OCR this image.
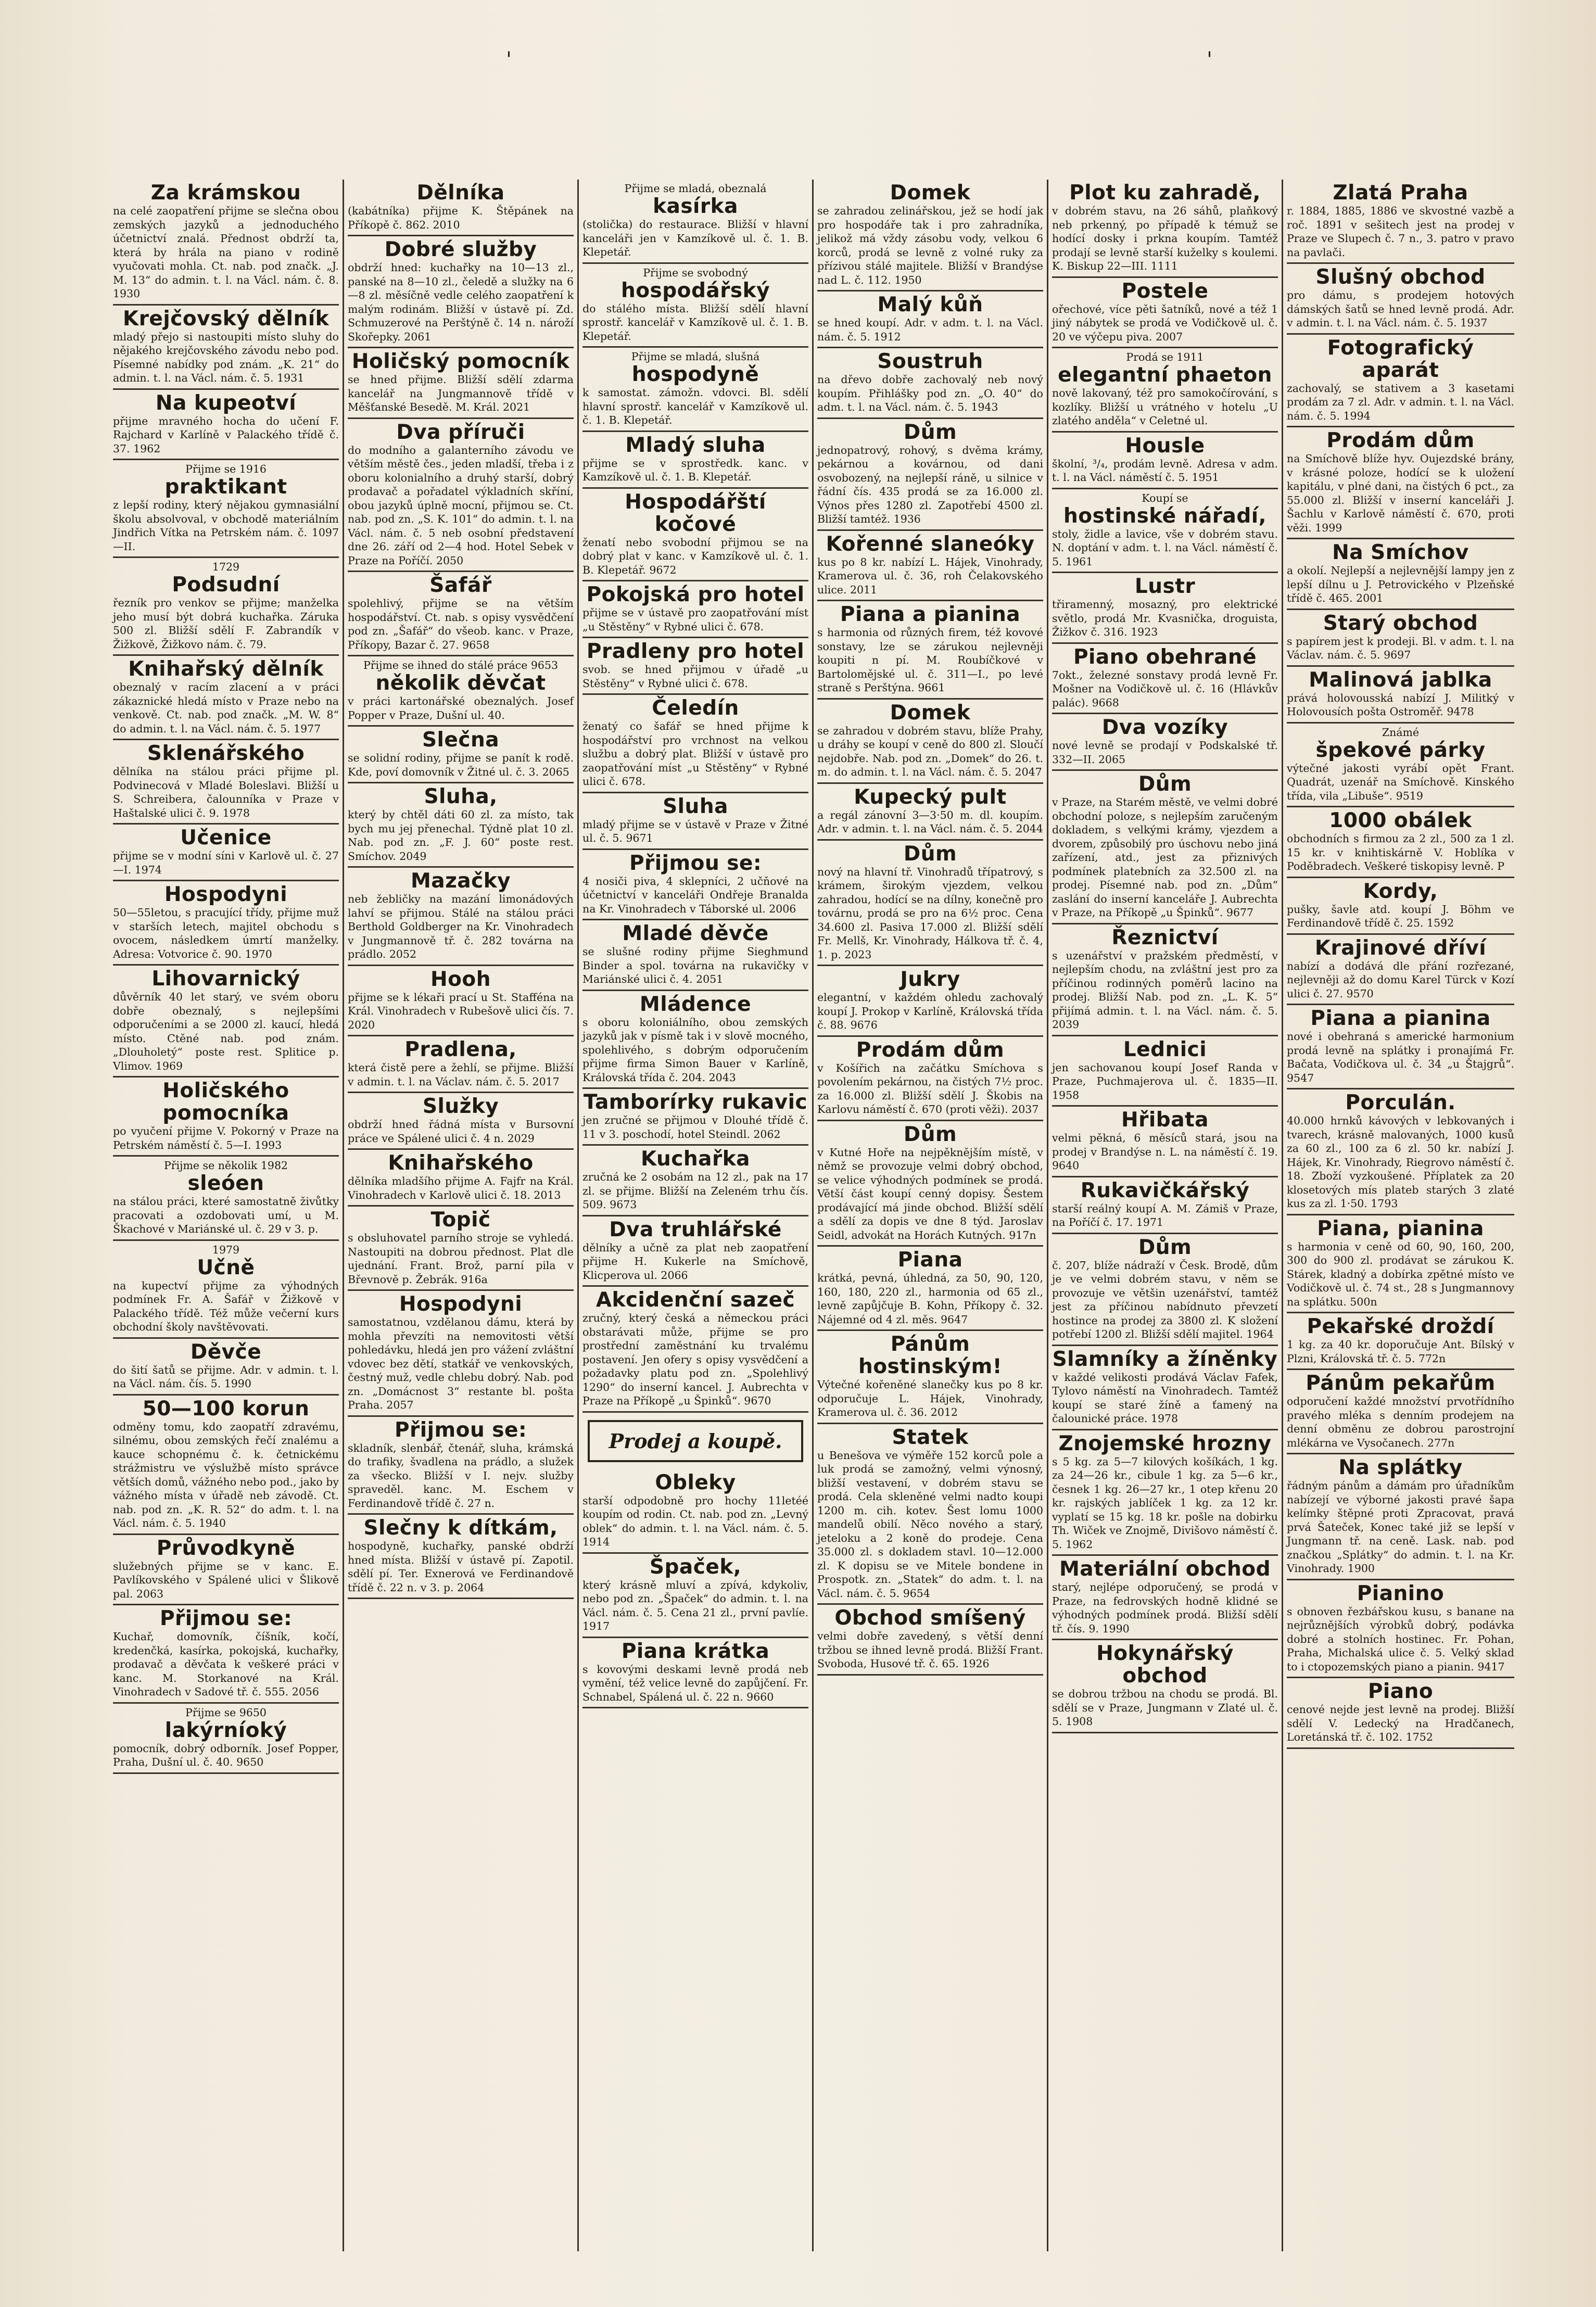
'	'
Za krámskou

na celé zaopatření přijme se slečna obou zemských jazyků a jednoduchého účetnictví znalá. Přednost obdrží ta, která by hrála na piano v rodině vyučovati mohla. Ct. nab. pod značk. „J. M. 13“ do admin. t. l. na Václ. nám. č. 8. 1930

Krejčovský dělník

mladý přejo si nastoupiti místo sluhy do nějakého krejčovského závodu nebo pod. Písemné nabídky pod znám. „K. 21“ do admin. t. l. na Václ. nám. č. 5. 1931

Na kupeotví

přijme mravného hocha do učení F. Rajchard v Karlíně v Palackého třídě č. 37. 1962

Přijme se 1916

praktikant

z lepší rodiny, který nějakou gymnasiální školu absolvoval, v obchodě materiálním Jindřich Vítka na Petrském nám. č. 1097—II.

1729

Podsudní

řezník pro venkov se přijme; manželka jeho musí být dobrá kuchařka. Záruka 500 zl. Bližší sdělí F. Zabrandík v Žižkově, Žižkovo nám. č. 79.

Knihařský dělník

obeznalý v racím zlacení a v práci zákaznické hledá místo v Praze nebo na venkově. Ct. nab. pod značk. „M. W. 8“ do admin. t. l. na Václ. nám. č. 5. 1977

Sklenářského

dělníka na stálou práci přijme pl. Podvinecová v Mladé Boleslavi. Bližší u S. Schreibera, čalounníka v Praze v Haštalské ulici č. 9. 1978

Učenice

přijme se v modní síni v Karlově ul. č. 27—I. 1974

Hospodyni

50—55letou, s pracující třídy, přijme muž v starších letech, majitel obchodu s ovocem, následkem úmrtí manželky. Adresa: Votvorice č. 90. 1970

Lihovarnický

důvěrník 40 let starý, ve svém oboru dobře obeznalý, s nejlepšími odporučeními a se 2000 zl. kaucí, hledá místo. Ctěné nab. pod znám. „Dlouholetý“ poste rest. Splitice p. Vlimov. 1969

Holičského pomocníka

po vyučení přijme V. Pokorný v Praze na Petrském náměstí č. 5—I. 1993

Přijme se několik 1982

sleóen

na stálou práci, které samostatně živůtky pracovati a ozdobovati umí, u M. Škachové v Mariánské ul. č. 29 v 3. p.

1979

Učně

na kupectví přijme za výhodných podmínek Fr. A. Šafář v Žižkově v Palackého třídě. Též může večerní kurs obchodní školy navštěvovati.

Děvče

do šití šatů se přijme. Adr. v admin. t. l. na Václ. nám. čís. 5. 1990

50—100 korun

odměny tomu, kdo zaopatří zdravému, silnému, obou zemských řečí znalému a kauce schopnému č. k. četnickému strážmistru ve výslužbě místo správce větších domů, vážného nebo pod., jako by vážného místa v úřadě neb závodě. Ct. nab. pod zn. „K. R. 52“ do adm. t. l. na Václ. nám. č. 5. 1940

Průvodkyně

služebných přijme se v kanc. E. Pavlíkovského v Spálené ulici v Šlikově pal. 2063

Přijmou se:

Kuchař, domovník, číšník, kočí, kredenčká, kasírka, pokojská, kuchařky, prodavač a děvčata k veškeré práci v kanc. M. Storkanové na Král. Vinohradech v Sadové tř. č. 555. 2056

Přijme se 9650

lakýrníoký

pomocník, dobrý odborník. Josef Popper, Praha, Dušní ul. č. 40. 9650

Dělníka

(kabátníka) přijme K. Štěpánek na Příkopě č. 862. 2010

Dobré služby

obdrží hned: kuchařky na 10—13 zl., panské na 8—10 zl., čeledě a služky na 6—8 zl. měsíčně vedle celého zaopatření k malým rodinám. Bližší v ústavě pí. Zd. Schmuzerové na Perštýně č. 14 n. nároží Skořepky. 2061

Holičský pomocník

se hned přijme. Bližší sdělí zdarma kancelář na Jungmannově třídě v Měšťanské Besedě. M. Král. 2021

Dva příruči

do modního a galanterního závodu ve větším městě čes., jeden mladší, třeba i z oboru kolonialního a druhý starší, dobrý prodavač a pořadatel výkladních skříní, obou jazyků úplně mocní, přijmou se. Ct. nab. pod zn. „S. K. 101“ do admin. t. l. na Václ. nám. č. 5 neb osobní představení dne 26. září od 2—4 hod. Hotel Sebek v Praze na Poříčí. 2050

Šafář

spolehlivý, přijme se na větším hospodářství. Ct. nab. s opisy vysvědčení pod zn. „Šafář“ do všeob. kanc. v Praze, Příkopy, Bazar č. 27. 9658

Přijme se ihned do stálé práce 9653

několik děvčat

v práci kartonářské obeznalých. Josef Popper v Praze, Dušní ul. 40.

Slečna

se solidní rodiny, přijme se panít k rodě. Kde, poví domovník v Žitné ul. č. 3. 2065

Sluha,

který by chtěl dáti 60 zl. za místo, tak bych mu jej přenechal. Týdně plat 10 zl. Nab. pod zn. „F. J. 60“ poste rest. Smíchov. 2049

Mazačky

neb žebličky na mazání limonádových lahví se přijmou. Stálé na stálou práci Berthold Goldberger na Kr. Vinohradech v Jungmannově tř. č. 282 továrna na prádlo. 2052

Hooh

přijme se k lékaři prací u St. Stafféna na Král. Vinohradech v Rubešově ulici čís. 7. 2020

Pradlena,

která čistě pere a žehlí, se přijme. Bližší v admin. t. l. na Václav. nám. č. 5. 2017

Služky

obdrží hned řádná místa v Bursovní práce ve Spálené ulici č. 4 n. 2029

Knihařského

dělníka mladšího přijme A. Fajfr na Král. Vinohradech v Karlově ulici č. 18. 2013

Topič

s obsluhovatel parního stroje se vyhledá. Nastoupiti na dobrou přednost. Plat dle ujednání. Frant. Brož, parní pila v Břevnově p. Žebrák. 916a

Hospodyni

samostatnou, vzdělanou dámu, která by mohla převzíti na nemovitosti větší pohledávku, hledá jen pro vážení zvláštní vdovec bez dětí, statkář ve venkovských, čestný muž, vedle chlebu dobrý. Nab. pod zn. „Domácnost 3“ restante bl. pošta Praha. 2057

Přijmou se:

skladník, slenbář, čtenář, sluha, krámská do trafiky, švadlena na prádlo, a služek za všecko. Bližší v I. nejv. služby spraveděl. kanc. M. Eschem v Ferdinandově třídě č. 27 n.

Slečny k dítkám,

hospodyně, kuchařky, panské obdrží hned místa. Bližší v ústavě pí. Zapotil. sdělí pí. Ter. Exnerová ve Ferdinandově třídě č. 22 n. v 3. p. 2064

Přijme se mladá, obeznalá

kasírka

(stolička) do restaurace. Bližší v hlavní kanceláři jen v Kamzíkově ul. č. 1. B. Klepetář.

Přijme se svobodný

hospodářský

do stálého místa. Bližší sdělí hlavní sprostř. kancelář v Kamzíkově ul. č. 1. B. Klepetář.

Přijme se mladá, slušná

hospodyně

k samostat. zámožn. vdovci. Bl. sdělí hlavní sprostř. kancelář v Kamzíkově ul. č. 1. B. Klepetář.

Mladý sluha

přijme se v sprostředk. kanc. v Kamzíkově ul. č. 1. B. Klepetář.

Hospodářští kočové

ženatí nebo svobodní přijmou se na dobrý plat v kanc. v Kamzíkově ul. č. 1. B. Klepetář. 9672

Pokojská pro hotel

přijme se v ústavě pro zaopatřování míst „u Stěstěny“ v Rybné ulici č. 678.

Pradleny pro hotel

svob. se hned přijmou v úřadě „u Stěstěny“ v Rybné ulici č. 678.

Čeledín

ženatý co šafář se hned přijme k hospodářství pro vrchnost na velkou službu a dobrý plat. Bližší v ústavě pro zaopatřování míst „u Stěstěny“ v Rybné ulici č. 678.

Sluha

mladý přijme se v ústavě v Praze v Žitné ul. č. 5. 9671

Přijmou se:

4 nosiči piva, 4 sklepníci, 2 učňové na účetnictví v kanceláři Ondřeje Branalda na Kr. Vinohradech v Táborské ul. 2006

Mladé děvče

se slušné rodiny přijme Sieghmund Binder a spol. továrna na rukavičky v Mariánské ulici č. 4. 2051

Mládence

s oboru koloniálního, obou zemských jazyků jak v písmě tak i v slově mocného, spolehlivého, s dobrým odporučením přijme firma Simon Bauer v Karlíně, Královská třída č. 204. 2043

Tamborírky rukavic

jen zručné se přijmou v Dlouhé třídě č. 11 v 3. poschodí, hotel Steindl. 2062

Kuchařka

zručná ke 2 osobám na 12 zl., pak na 17 zl. se přijme. Bližší na Zeleném trhu čís. 509. 9673

Dva truhlářské

dělníky a učně za plat neb zaopatření přijme H. Kukerle na Smíchově, Klicperova ul. 2066

Akcidenční sazeč

zručný, který česká a německou práci obstarávati může, přijme se pro prostřední zaměstnání ku trvalému postavení. Jen ofery s opisy vysvědčení a požadavky platu pod zn. „Spolehlivý 1290“ do inserní kancel. J. Aubrechta v Praze na Příkopě „u Špinků“. 9670

Prodej a koupě.
Obleky

starší odpodobně pro hochy 11letéé koupím od rodin. Ct. nab. pod zn. „Levný oblek“ do admin. t. l. na Václ. nám. č. 5. 1914

Špaček,

který krásně mluví a zpívá, kdykoliv, nebo pod zn. „Špaček“ do admin. t. l. na Václ. nám. č. 5. Cena 21 zl., první pavlíe. 1917

Piana krátka

s kovovými deskami levně prodá neb vymění, též velice levně do zapůjčení. Fr. Schnabel, Spálená ul. č. 22 n. 9660

Domek

se zahradou zelinářskou, jež se hodí jak pro hospodáře tak i pro zahradníka, jelikož má vždy zásobu vody, velkou 6 korců, prodá se levně z volné ruky za přízivou stálé majitele. Bližší v Brandýse nad L. č. 112. 1950

Malý kůň

se hned koupí. Adr. v adm. t. l. na Václ. nám. č. 5. 1912

Soustruh

na dřevo dobře zachovalý neb nový koupím. Přihlášky pod zn. „O. 40“ do adm. t. l. na Václ. nám. č. 5. 1943

Dům

jednopatrový, rohový, s dvěma krámy, pekárnou a kovárnou, od dani osvobozený, na nejlepší ráně, u silnice v řádní čís. 435 prodá se za 16.000 zl. Výnos přes 1280 zl. Zapotřebí 4500 zl. Bližší tamtéž. 1936

Kořenné slaneóky

kus po 8 kr. nabízí L. Hájek, Vinohrady, Kramerova ul. č. 36, roh Čelakovského ulice. 2011

Piana a pianina

s harmonia od různých firem, též kovové sonstavy, lze se zárukou nejlevněji koupiti n pí. M. Roubíčkové v Bartolomějské ul. č. 311—I., po levé straně s Perštýna. 9661

Domek

se zahradou v dobrém stavu, blíže Prahy, u dráhy se koupí v ceně do 800 zl. Sloučí nejdobře. Nab. pod zn. „Domek“ do 26. t. m. do admin. t. l. na Václ. nám. č. 5. 2047

Kupecký pult

a regál zánovní 3—3·50 m. dl. koupím. Adr. v admin. t. l. na Václ. nám. č. 5. 2044

Dům

nový na hlavní tř. Vinohradů třípatrový, s krámem, širokým vjezdem, velkou zahradou, hodící se na dílny, konečně pro továrnu, prodá se pro na 6½ proc. Cena 34.600 zl. Pasiva 17.000 zl. Bližší sdělí Fr. Mellš, Kr. Vinohrady, Hálkova tř. č. 4, 1. p. 2023

Jukry

elegantní, v každém ohledu zachovalý koupí J. Prokop v Karlíně, Královská třída č. 88. 9676

Prodám dům

v Košířich na začátku Smíchova s povolením pekárnou, na čistých 7½ proc. za 16.000 zl. Bližší sdělí J. Škobis na Karlovu náměstí č. 670 (proti věži). 2037

Dům

v Kutné Hoře na nejpěknějším místě, v němž se provozuje velmi dobrý obchod, se velice výhodných podmínek se prodá. Větší část koupí cenný dopisy. Šestem prodávající má jinde obchod. Bližší sdělí a sdělí za dopis ve dne 8 týd. Jaroslav Seidl, advokát na Horách Kutných. 917n

Piana

krátká, pevná, úhledná, za 50, 90, 120, 160, 180, 220 zl., harmonia od 65 zl., levně zapůjčuje B. Kohn, Příkopy č. 32. Nájemné od 4 zl. měs. 9647

Pánům hostinským!

Výtečné kořeněné slanečky kus po 8 kr. odporučuje L. Hájek, Vinohrady, Kramerova ul. č. 36. 2012

Statek

u Benešova ve výměře 152 korců pole a luk prodá se zamožný, velmi výnosný, bližší vestavení, v dobrém stavu se prodá. Cela skleněné velmi nadto koupi 1200 m. cih. kotev. Šest lomu 1000 mandelů obilí. Něco nového a starý, jeteloku a 2 koně do prodeje. Cena 35.000 zl. s dokladem stavl. 10—12.000 zl. K dopisu se ve Mitele bondene in Prospotk. zn. „Statek“ do adm. t. l. na Václ. nám. č. 5. 9654

Obchod smíšený

velmi dobře zavedený, s větší denní tržbou se ihned levně prodá. Bližší Frant. Svoboda, Husové tř. č. 65. 1926

Plot ku zahradě,

v dobrém stavu, na 26 sáhů, plaňkový neb prkenný, po případě k témuž se hodící dosky i prkna koupím. Tamtéž prodají se levně starší kuželky s koulemi. K. Biskup 22—III. 1111

Postele

ořechové, více pěti šatníků, nové a též 1 jiný nábytek se prodá ve Vodičkově ul. č. 20 ve výčepu piva. 2007

Prodá se 1911

elegantní phaeton

nově lakovaný, též pro samokočírování, s kozlíky. Bližší u vrátného v hotelu „U zlatého anděla“ v Celetné ul.

Housle

školní, ³/₄, prodám levně. Adresa v adm. t. l. na Václ. náměstí č. 5. 1951

Koupí se

hostinské nářadí,

stoly, židle a lavice, vše v dobrém stavu. N. doptání v adm. t. l. na Václ. náměstí č. 5. 1961

Lustr

třiramenný, mosazný, pro elektrické světlo, prodá Mr. Kvasnička, droguista, Žižkov č. 316. 1923

Piano obehrané

7okt., železné sonstavy prodá levně Fr. Mošner na Vodičkově ul. č. 16 (Hlávkův palác). 9668

Dva vozíky

nové levně se prodají v Podskalské tř. 332—II. 2065

Dům

v Praze, na Starém městě, ve velmi dobré obchodní poloze, s nejlepším zaručeným dokladem, s velkými krámy, vjezdem a dvorem, způsobilý pro úschovu nebo jiná zařízení, atd., jest za přiznivých podmínek platebních za 32.500 zl. na prodej. Písemné nab. pod zn. „Dům“ zaslání do inserní kanceláře J. Aubrechta v Praze, na Příkopě „u Špinků“. 9677

Řeznictví

s uzenářství v pražském předměstí, v nejlepším chodu, na zvláštní jest pro za příčinou rodinných poměrů lacino na prodej. Bližší Nab. pod zn. „L. K. 5“ přijímá admin. t. l. na Václ. nám. č. 5. 2039

Lednici

jen sachovanou koupí Josef Randa v Praze, Puchmajerova ul. č. 1835—II. 1958

Hřibata

velmi pěkná, 6 měsíců stará, jsou na prodej v Brandýse n. L. na náměstí č. 19. 9640

Rukavičkářský

starší reálný koupí A. M. Zámiš v Praze, na Poříčí č. 17. 1971

Dům

č. 207, blíže nádraží v Česk. Brodě, dům je ve velmi dobrém stavu, v něm se provozuje ve většin uzenářství, tamtéž jest za příčinou nabídnuto převzetí hostince na prodej za 3800 zl. K složení potřebí 1200 zl. Bližší sdělí majitel. 1964

Slamníky a žíněnky

v každé velikosti prodává Václav Fafek, Tylovo náměstí na Vinohradech. Tamtéž koupí se staré žíně a ťamený na čalounické práce. 1978

Znojemské hrozny

s 5 kg. za 5—7 kilových košíkách, 1 kg. za 24—26 kr., cibule 1 kg. za 5—6 kr., česnek 1 kg. 26—27 kr., 1 otep křenu 20 kr. rajských jablíček 1 kg. za 12 kr. vyplatí se 15 kg. 18 kr. pošle na dobirku Th. Wiček ve Znojmě, Divišovo náměstí č. 5. 1962

Materiální obchod

starý, nejlépe odporučený, se prodá v Praze, na fedrovských hodně klidné se výhodných podmínek prodá. Bližší sdělí tř. čís. 9. 1990

Hokynářský obchod

se dobrou tržbou na chodu se prodá. Bl. sdělí se v Praze, Jungmann v Zlaté ul. č. 5. 1908

Zlatá Praha

r. 1884, 1885, 1886 ve skvostné vazbě a roč. 1891 v sešitech jest na prodej v Praze ve Slupech č. 7 n., 3. patro v pravo na pavlači.

Slušný obchod

pro dámu, s prodejem hotových dámských šatů se hned levně prodá. Adr. v admin. t. l. na Václ. nám. č. 5. 1937

Fotografický aparát

zachovalý, se stativem a 3 kasetami prodám za 7 zl. Adr. v admin. t. l. na Václ. nám. č. 5. 1994

Prodám dům

na Smíchově blíže hyv. Oujezdské brány, v krásné poloze, hodící se k uložení kapitálu, v plné dani, na čistých 6 pct., za 55.000 zl. Bližší v inserní kanceláři J. Šachlu v Karlově náměstí č. 670, proti věži. 1999

Na Smíchov

a okolí. Nejlepší a nejlevnější lampy jen z lepší dílnu u J. Petrovického v Plzeňské třídě č. 465. 2001

Starý obchod

s papírem jest k prodeji. Bl. v adm. t. l. na Václav. nám. č. 5. 9697

Malinová jablka

prává holovousská nabízí J. Militký v Holovousích pošta Ostroměř. 9478

Známé

špekové párky

výtečné jakosti vyrábí opět Frant. Quadrát, uzenář na Smíchově. Kinského třída, vila „Libuše“. 9519

1000 obálek

obchodních s firmou za 2 zl., 500 za 1 zl. 15 kr. v knihtiskárně V. Hoblíka v Poděbradech. Veškeré tiskopisy levně. P

Kordy,

pušky, šavle atd. koupí J. Böhm ve Ferdinandově třídě č. 25. 1592

Krajinové dříví

nabízí a dodává dle přání rozřezané, nejlevněji až do domu Karel Türck v Kozí ulici č. 27. 9570

Piana a pianina

nové i obehraná s americké harmonium prodá levně na splátky i pronajímá Fr. Bačata, Vodičkova ul. č. 34 „u Štajgrů“. 9547

Porculán.

40.000 hrnků kávových v lebkovaných i tvarech, krásně malovaných, 1000 kusů za 60 zl., 100 za 6 zl. 50 kr. nabízí J. Hájek, Kr. Vinohrady, Riegrovo náměstí č. 18. Zboží vyzkoušené. Příplatek za 20 klosetových mís plateb starých 3 zlaté kus za zl. 1·50. 1793

Piana, pianina

s harmonia v ceně od 60, 90, 160, 200, 300 do 900 zl. prodávat se zárukou K. Stárek, kladný a dobírka zpětné místo ve Vodičkově ul. č. 74 st., 28 s Jungmannovy na splátku. 500n

Pekařské droždí

1 kg. za 40 kr. doporučuje Ant. Bílský v Plzni, Královská tř. č. 5. 772n

Pánům pekařům

odporučení každé množství prvotřídního pravého mléka s denním prodejem na denní obměnu ze dobrou parostrojní mlékárna ve Vysočanech. 277n

Na splátky

řádným pánům a dámám pro úřadníkům nabízejí ve výborné jakosti pravé šapa kelímky štěpné proti Zpracovat, pravá prvá Šateček, Konec také již se lepší v Jungmann tř. na ceně. Lask. nab. pod značkou „Splátky“ do admin. t. l. na Kr. Vinohrady. 1900

Pianino

s obnoven řezbářskou kusu, s banane na nejrůznějších výrobků dobrý, podávka dobré a stolních hostinec. Fr. Pohan, Praha, Michalská ulice č. 5. Velký sklad to i ctopozemských piano a pianin. 9417

Piano

cenové nejde jest levně na prodej. Bližší sdělí V. Ledecký na Hradčanech, Loretánská tř. č. 102. 1752
